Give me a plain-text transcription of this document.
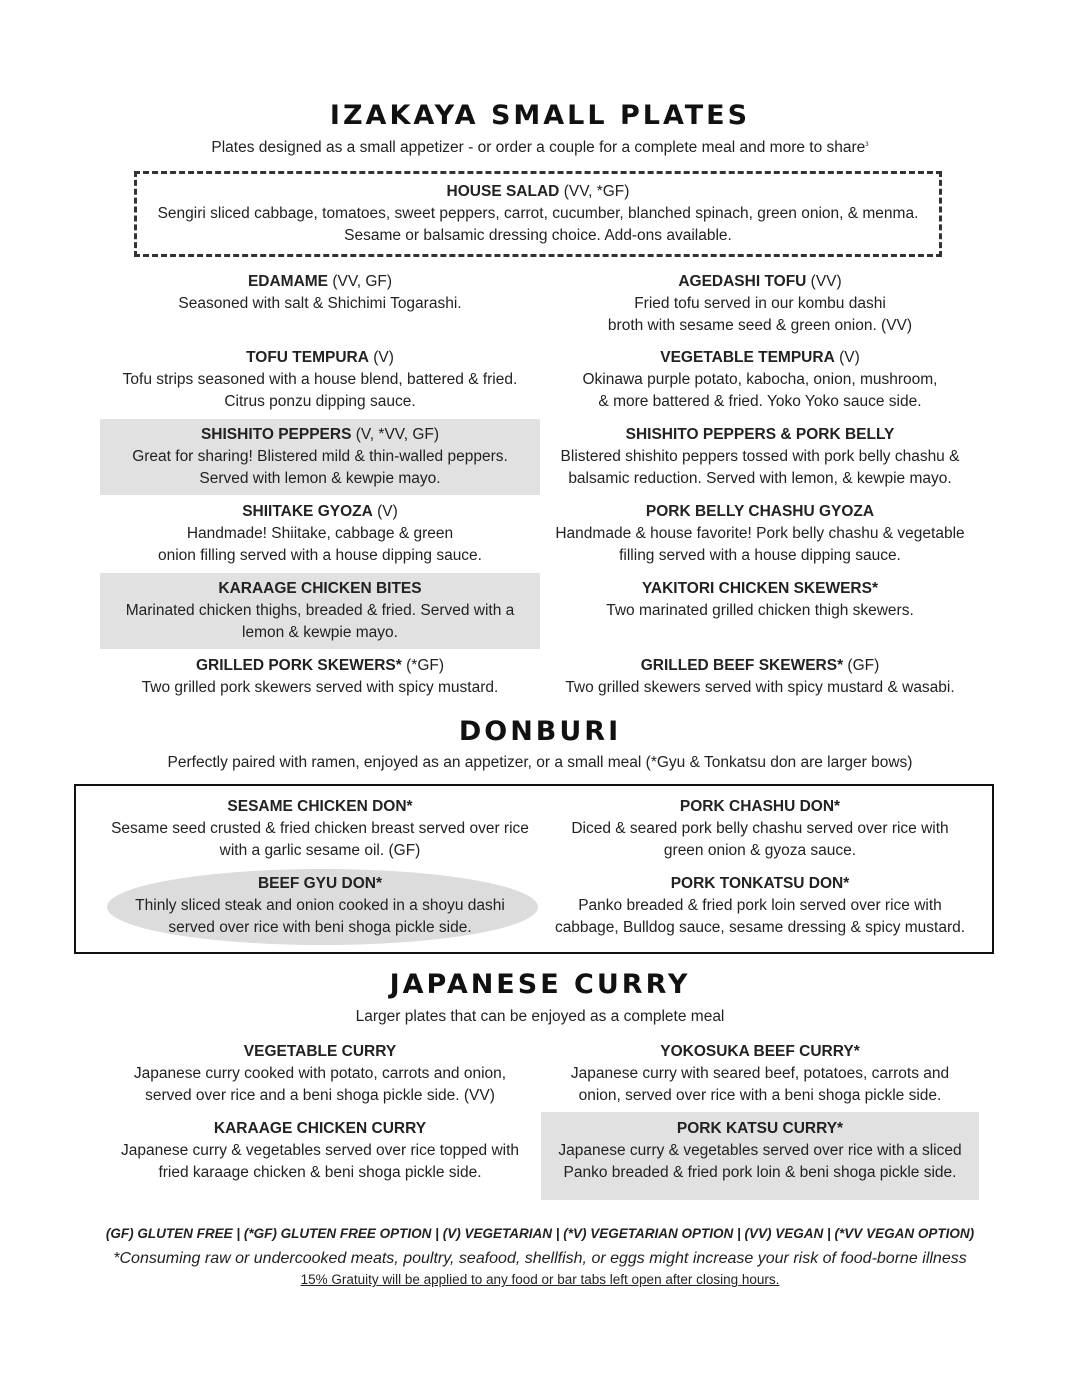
IZAKAYA SMALL PLATES
Plates designed as a small appetizer - or order a couple for a complete meal and more to share$^3$
HOUSE SALAD (VV, *GF)
Sengiri sliced cabbage, tomatoes, sweet peppers, carrot, cucumber, blanched spinach, green onion, & menma.
Sesame or balsamic dressing choice. Add-ons available.
EDAMAME (VV, GF)
Seasoned with salt & Shichimi Togarashi.
AGEDASHI TOFU (VV)
Fried tofu served in our kombu dashi
broth with sesame seed & green onion. (VV)
TOFU TEMPURA (V)
Tofu strips seasoned with a house blend, battered & fried.
Citrus ponzu dipping sauce.
VEGETABLE TEMPURA (V)
Okinawa purple potato, kabocha, onion, mushroom,
& more battered & fried. Yoko Yoko sauce side.
SHISHITO PEPPERS (V, *VV, GF)
Great for sharing! Blistered mild & thin-walled peppers.
Served with lemon & kewpie mayo.
SHISHITO PEPPERS & PORK BELLY
Blistered shishito peppers tossed with pork belly chashu &
balsamic reduction. Served with lemon, & kewpie mayo.
SHIITAKE GYOZA (V)
Handmade! Shiitake, cabbage & green
onion filling served with a house dipping sauce.
PORK BELLY CHASHU GYOZA
Handmade & house favorite! Pork belly chashu & vegetable
filling served with a house dipping sauce.
KARAAGE CHICKEN BITES
Marinated chicken thighs, breaded & fried. Served with a
lemon & kewpie mayo.
YAKITORI CHICKEN SKEWERS*
Two marinated grilled chicken thigh skewers.
GRILLED PORK SKEWERS* (*GF)
Two grilled pork skewers served with spicy mustard.
GRILLED BEEF SKEWERS* (GF)
Two grilled skewers served with spicy mustard & wasabi.
DONBURI
Perfectly paired with ramen, enjoyed as an appetizer, or a small meal (*Gyu & Tonkatsu don are larger bows)
SESAME CHICKEN DON*
Sesame seed crusted & fried chicken breast served over rice
with a garlic sesame oil. (GF)
PORK CHASHU DON*
Diced & seared pork belly chashu served over rice with
green onion & gyoza sauce.
BEEF GYU DON*
Thinly sliced steak and onion cooked in a shoyu dashi
served over rice with beni shoga pickle side.
PORK TONKATSU DON*
Panko breaded & fried pork loin served over rice with
cabbage, Bulldog sauce, sesame dressing & spicy mustard.
JAPANESE CURRY
Larger plates that can be enjoyed as a complete meal
VEGETABLE CURRY
Japanese curry cooked with potato, carrots and onion,
served over rice and a beni shoga pickle side. (VV)
YOKOSUKA BEEF CURRY*
Japanese curry with seared beef, potatoes, carrots and
onion, served over rice with a beni shoga pickle side.
KARAAGE CHICKEN CURRY
Japanese curry & vegetables served over rice topped with
fried karaage chicken & beni shoga pickle side.
PORK KATSU CURRY*
Japanese curry & vegetables served over rice with a sliced
Panko breaded & fried pork loin & beni shoga pickle side.
(GF) GLUTEN FREE | (*GF) GLUTEN FREE OPTION | (V) VEGETARIAN | (*V) VEGETARIAN OPTION | (VV) VEGAN | (*VV VEGAN OPTION)
*Consuming raw or undercooked meats, poultry, seafood, shellfish, or eggs might increase your risk of food-borne illness
15% Gratuity will be applied to any food or bar tabs left open after closing hours.
